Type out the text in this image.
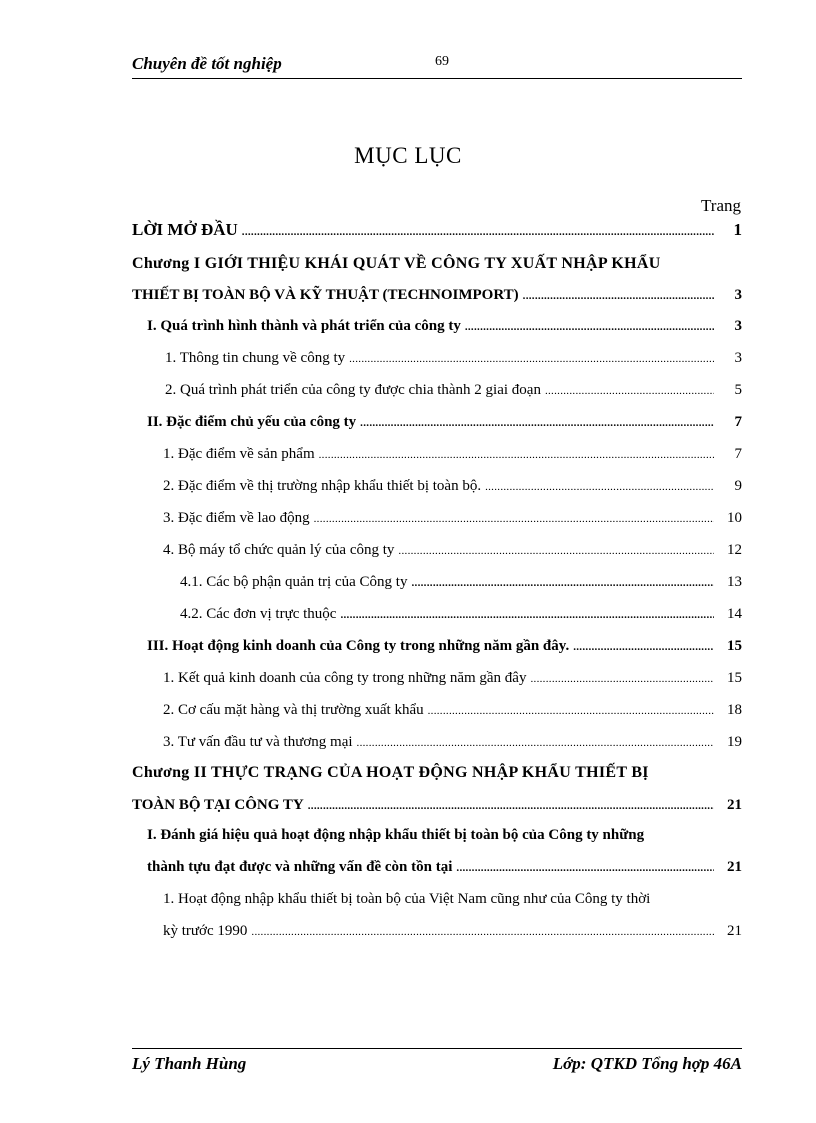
Chuyên đề tốt nghiệp	69
MỤC LỤC
Trang
LỜI MỞ ĐẦU .....	1
Chương I GIỚI THIỆU KHÁI QUÁT VỀ CÔNG TY XUẤT NHẬP KHẨU
THIẾT BỊ TOÀN BỘ VÀ KỸ THUẬT (TECHNOIMPORT) .....	3
I. Quá trình hình thành và phát triển của công ty .....	3
1. Thông tin chung về công ty .....	3
2. Quá trình phát triển của công ty được chia thành 2 giai đoạn .....	5
II. Đặc điểm chủ yếu của công ty .....	7
1. Đặc điểm về sản phẩm .....	7
2. Đặc điểm về thị trường nhập khẩu thiết bị toàn bộ. .....	9
3. Đặc điểm về lao động .....	10
4. Bộ máy tổ chức quản lý của công ty .....	12
4.1. Các bộ phận quản trị của Công ty .....	13
4.2. Các đơn vị trực thuộc .....	14
III. Hoạt động kinh doanh của Công ty trong những năm gần đây. .....	15
1. Kết quả kinh doanh của công ty trong những năm gần đây .....	15
2. Cơ cấu mặt hàng và thị trường xuất khẩu .....	18
3. Tư vấn đầu tư và thương mại .....	19
Chương II THỰC TRẠNG CỦA HOẠT ĐỘNG NHẬP KHẨU THIẾT BỊ
TOÀN BỘ TẠI CÔNG TY .....	21
I. Đánh giá hiệu quả hoạt động nhập khẩu thiết bị toàn bộ của Công ty những
thành tựu đạt được và những vấn đề còn tồn tại .....	21
1. Hoạt động nhập khẩu thiết bị toàn bộ của Việt Nam cũng như của Công ty thời
kỳ trước 1990 .....	21
Lý Thanh Hùng	Lớp: QTKD Tổng hợp 46A
